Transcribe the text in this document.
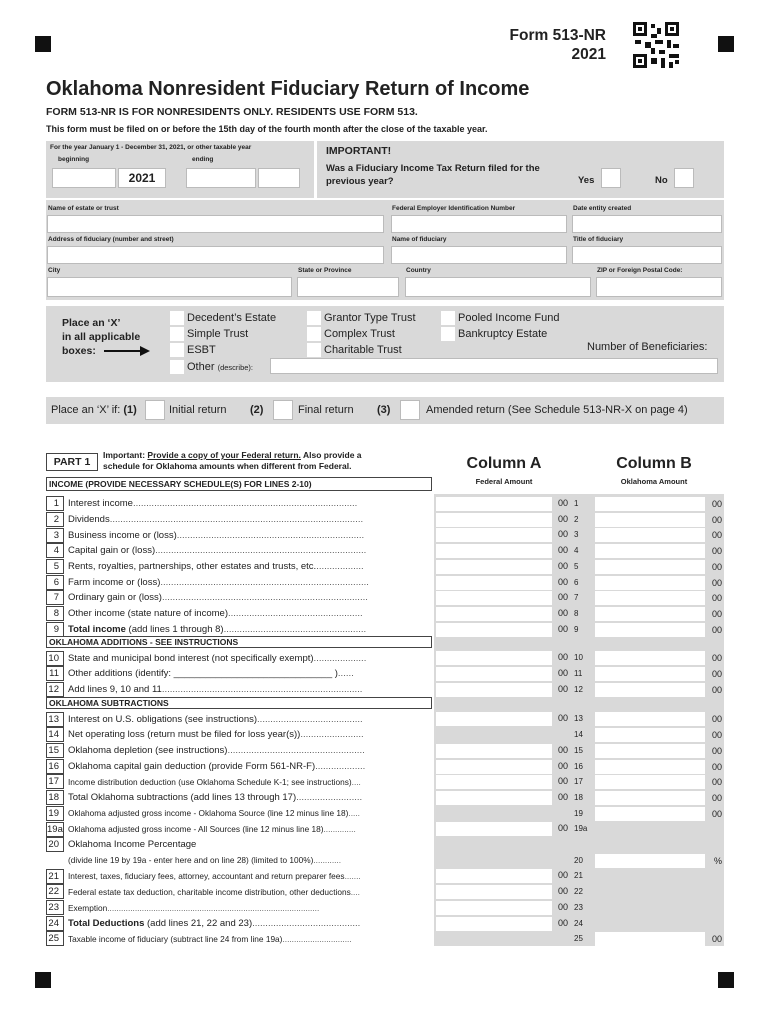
Form 513-NR
2021
Oklahoma Nonresident Fiduciary Return of Income
FORM 513-NR IS FOR NONRESIDENTS ONLY. RESIDENTS USE FORM 513.
This form must be filed on or before the 15th day of the fourth month after the close of the taxable year.
For the year January 1 - December 31, 2021, or other taxable year
beginning	ending
2021
IMPORTANT!
Was a Fiduciary Income Tax Return filed for the previous year?	Yes	No
Name of estate or trust	Federal Employer Identification Number	Date entity created
Address of fiduciary (number and street)	Name of fiduciary	Title of fiduciary
City	State or Province	Country	ZIP or Foreign Postal Code:
Place an ‘X’
in all applicable
boxes:
Decedent’s Estate
Simple Trust
ESBT
Other (describe):
Grantor Type Trust
Complex Trust
Charitable Trust
Pooled Income Fund
Bankruptcy Estate
Number of Beneficiaries:
Place an ‘X’ if: (1)	Initial return (2)	Final return (3)	Amended return (See Schedule 513-NR-X on page 4)
PART 1
Important: Provide a copy of your Federal return. Also provide a
schedule for Oklahoma amounts when different from Federal.
INCOME (PROVIDE NECESSARY SCHEDULE(S) FOR LINES 2-10)
Column A
Federal Amount
Column B
Oklahoma Amount
1 Interest income.....................................................................................	00 1	00
2 Dividends................................................................................................	00 2	00
3 Business income or (loss).......................................................................	00 3	00
4 Capital gain or (loss)................................................................................	00 4	00
5 Rents, royalties, partnerships, other estates and trusts, etc...................	00 5	00
6 Farm income or (loss)...............................................................................	00 6	00
7 Ordinary gain or (loss)..............................................................................	00 7	00
8 Other income (state nature of income)...................................................	00 8	00
9 Total income (add lines 1 through 8)......................................................	00 9	00
OKLAHOMA ADDITIONS - SEE INSTRUCTIONS
10 State and municipal bond interest (not specifically exempt)....................	00 10	00
11 Other additions (identify: ______________________________ )......	00 11	00
12 Add lines 9, 10 and 11............................................................................	00 12	00
OKLAHOMA SUBTRACTIONS
13 Interest on U.S. obligations (see instructions)........................................	00 13	00
14 Net operating loss (return must be filed for loss year(s))........................	14	00
15 Oklahoma depletion (see instructions)....................................................	00 15	00
16 Oklahoma capital gain deduction (provide Form 561-NR-F)...................	00 16	00
17	Income distribution deduction (use Oklahoma Schedule K-1; see instructions)....	00 17	00
18 Total Oklahoma subtractions (add lines 13 through 17).........................	00 18	00
19	Oklahoma adjusted gross income - Oklahoma Source (line 12 minus line 18).....	19	00
19a Oklahoma adjusted gross income - All Sources (line 12 minus line 18)..............	00 19a
20 Oklahoma Income Percentage
(divide line 19 by 19a - enter here and on line 28) (limited to 100%)............	20	%
21	Interest, taxes, fiduciary fees, attorney, accountant and return preparer fees.......	00 21
22	Federal estate tax deduction, charitable income distribution, other deductions....	00 22
23	Exemption............................................................................................	00 23
24 Total Deductions (add lines 21, 22 and 23).........................................	00 24
25	Taxable income of fiduciary (subtract line 24 from line 19a)..............................	25	00
